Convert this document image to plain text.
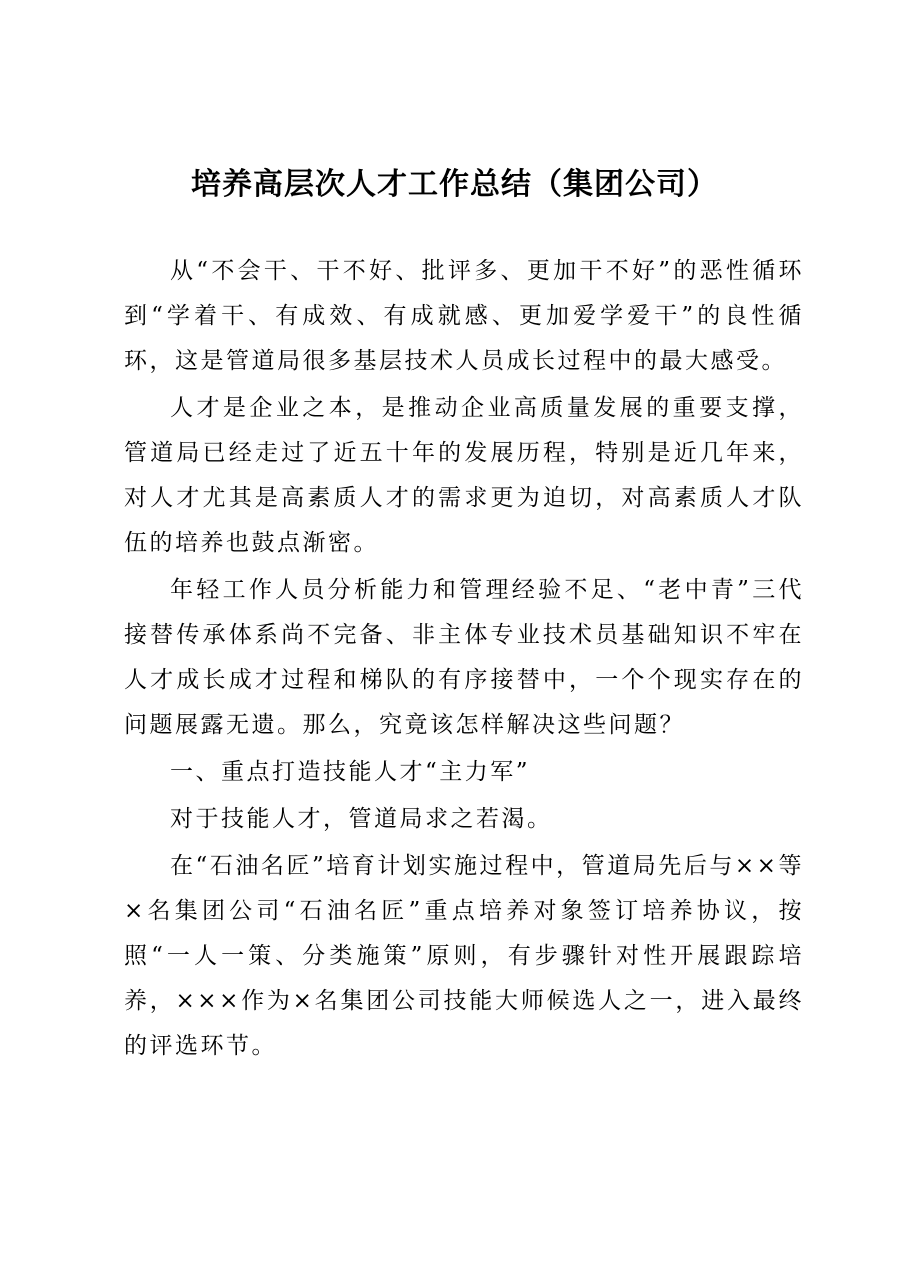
培养高层次人才工作总结（集团公司）

从“不会干、干不好、批评多、更加干不好”的恶性循环到“学着干、有成效、有成就感、更加爱学爱干”的良性循环，这是管道局很多基层技术人员成长过程中的最大感受。

人才是企业之本，是推动企业高质量发展的重要支撑，管道局已经走过了近五十年的发展历程，特别是近几年来，对人才尤其是高素质人才的需求更为迫切，对高素质人才队伍的培养也鼓点渐密。

年轻工作人员分析能力和管理经验不足、“老中青”三代接替传承体系尚不完备、非主体专业技术员基础知识不牢在人才成长成才过程和梯队的有序接替中，一个个现实存在的问题展露无遗。那么，究竟该怎样解决这些问题？

一、重点打造技能人才“主力军”

对于技能人才，管道局求之若渴。

在“石油名匠”培育计划实施过程中，管道局先后与××等×名集团公司“石油名匠”重点培养对象签订培养协议，按照“一人一策、分类施策”原则，有步骤针对性开展跟踪培养，×××作为×名集团公司技能大师候选人之一，进入最终的评选环节。
